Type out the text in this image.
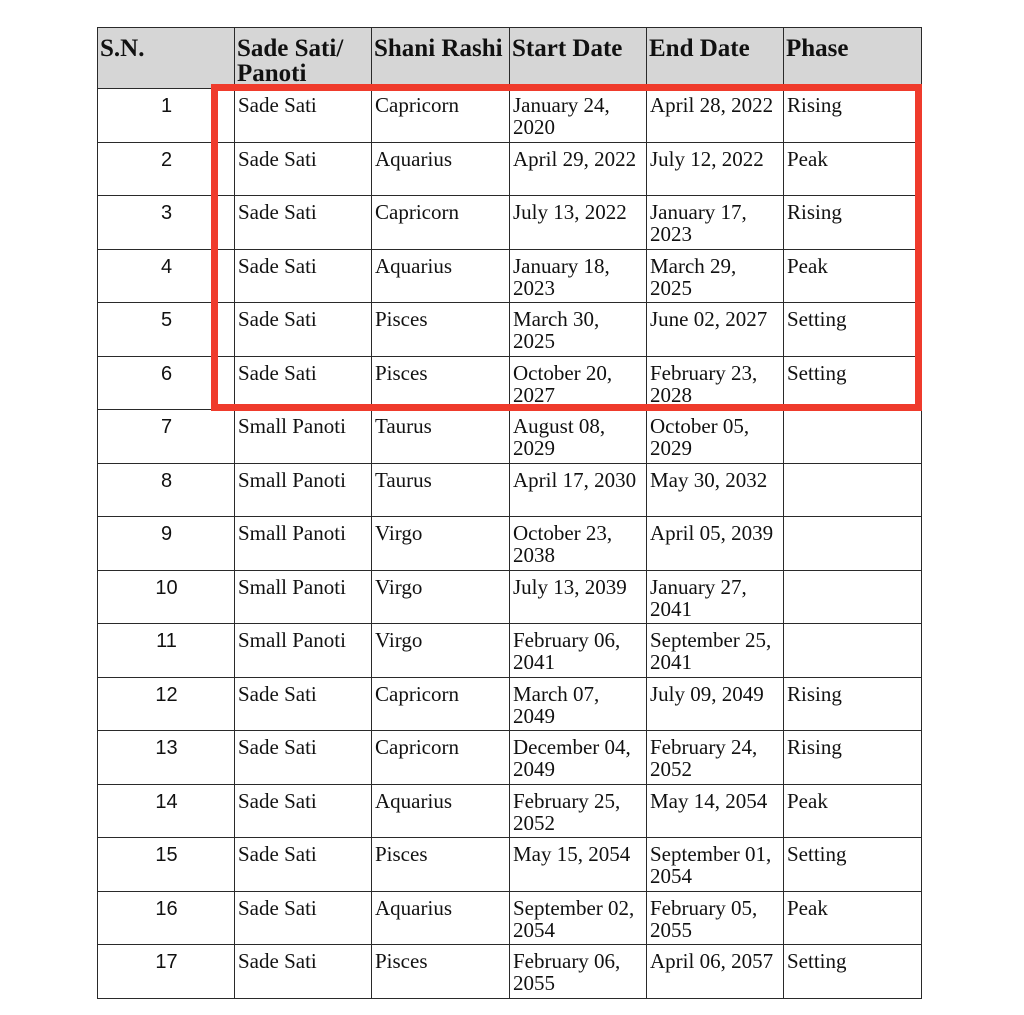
S.N.	Sade Sati/ Panoti	Shani Rashi	Start Date	End Date	Phase

1	Sade Sati	Capricorn	January 24, 2020	April 28, 2022	Rising
2	Sade Sati	Aquarius	April 29, 2022	July 12, 2022	Peak
3	Sade Sati	Capricorn	July 13, 2022	January 17, 2023	Rising
4	Sade Sati	Aquarius	January 18, 2023	March 29, 2025	Peak
5	Sade Sati	Pisces	March 30, 2025	June 02, 2027	Setting
6	Sade Sati	Pisces	October 20, 2027	February 23, 2028	Setting
7	Small Panoti	Taurus	August 08, 2029	October 05, 2029	
8	Small Panoti	Taurus	April 17, 2030	May 30, 2032	
9	Small Panoti	Virgo	October 23, 2038	April 05, 2039	
10	Small Panoti	Virgo	July 13, 2039	January 27, 2041	
11	Small Panoti	Virgo	February 06, 2041	September 25, 2041	
12	Sade Sati	Capricorn	March 07, 2049	July 09, 2049	Rising
13	Sade Sati	Capricorn	December 04, 2049	February 24, 2052	Rising
14	Sade Sati	Aquarius	February 25, 2052	May 14, 2054	Peak
15	Sade Sati	Pisces	May 15, 2054	September 01, 2054	Setting
16	Sade Sati	Aquarius	September 02, 2054	February 05, 2055	Peak
17	Sade Sati	Pisces	February 06, 2055	April 06, 2057	Setting
